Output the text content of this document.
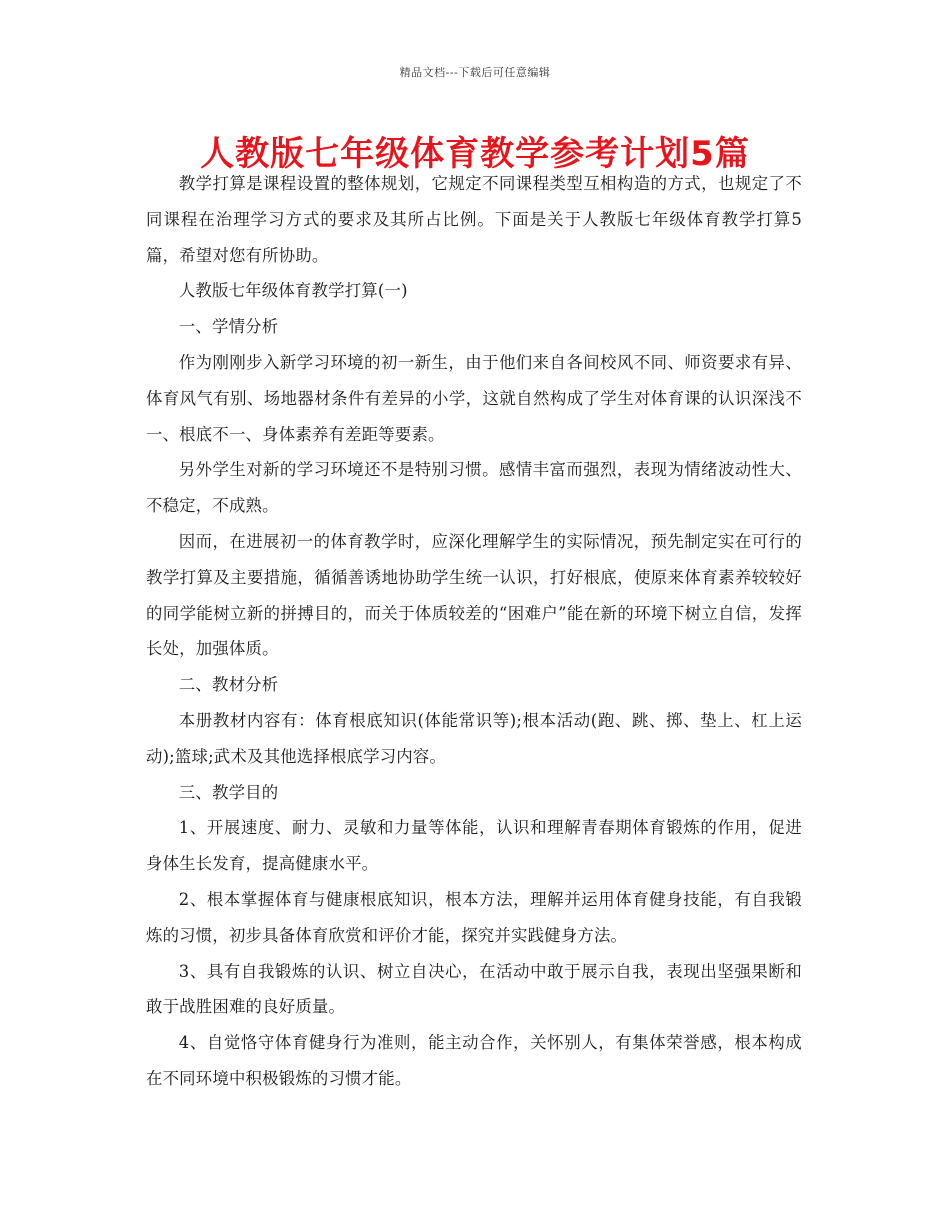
精品文档---下载后可任意编辑
人教版七年级体育教学参考计划5篇

教学打算是课程设置的整体规划，它规定不同课程类型互相构造的方式，也规定了不同课程在治理学习方式的要求及其所占比例。下面是关于人教版七年级体育教学打算5篇，希望对您有所协助。

人教版七年级体育教学打算(一)

一、学情分析

作为刚刚步入新学习环境的初一新生，由于他们来自各间校风不同、师资要求有异、体育风气有别、场地器材条件有差异的小学，这就自然构成了学生对体育课的认识深浅不一、根底不一、身体素养有差距等要素。

另外学生对新的学习环境还不是特别习惯。感情丰富而强烈，表现为情绪波动性大、不稳定，不成熟。

因而，在进展初一的体育教学时，应深化理解学生的实际情况，预先制定实在可行的教学打算及主要措施，循循善诱地协助学生统一认识，打好根底，使原来体育素养较较好的同学能树立新的拼搏目的，而关于体质较差的“困难户”能在新的环境下树立自信，发挥长处，加强体质。

二、教材分析

本册教材内容有：体育根底知识(体能常识等);根本活动(跑、跳、掷、垫上、杠上运动);篮球;武术及其他选择根底学习内容。

三、教学目的

1、开展速度、耐力、灵敏和力量等体能，认识和理解青春期体育锻炼的作用，促进身体生长发育，提高健康水平。

2、根本掌握体育与健康根底知识，根本方法，理解并运用体育健身技能，有自我锻炼的习惯，初步具备体育欣赏和评价才能，探究并实践健身方法。

3、具有自我锻炼的认识、树立自决心，在活动中敢于展示自我，表现出坚强果断和敢于战胜困难的良好质量。

4、自觉恪守体育健身行为准则，能主动合作，关怀别人，有集体荣誉感，根本构成在不同环境中积极锻炼的习惯才能。
